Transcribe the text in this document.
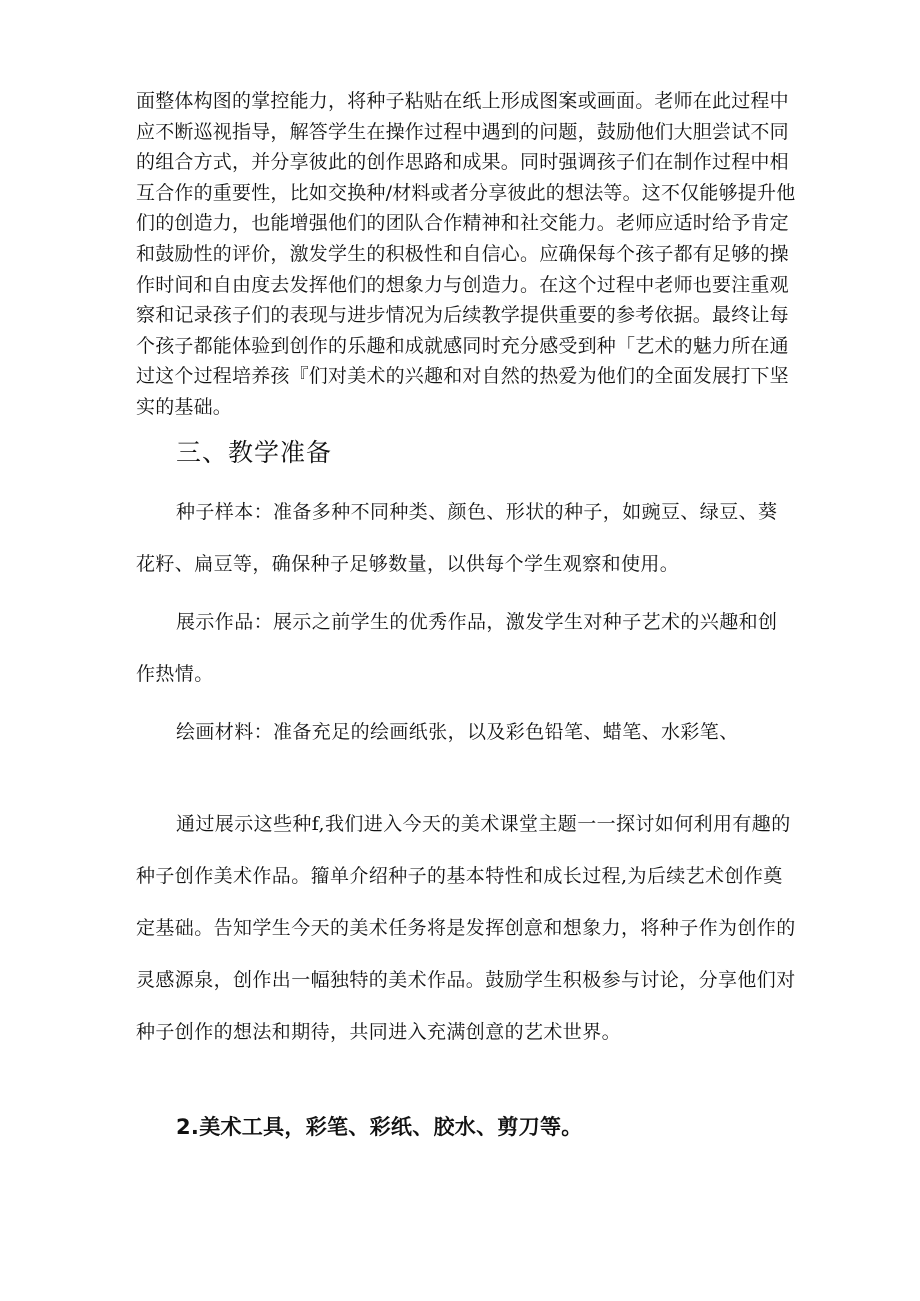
面整体构图的掌控能力，将种子粘贴在纸上形成图案或画面。老师在此过程中应不断巡视指导，解答学生在操作过程中遇到的问题，鼓励他们大胆尝试不同的组合方式，并分享彼此的创作思路和成果。同时强调孩子们在制作过程中相互合作的重要性，比如交换种/材料或者分享彼此的想法等。这不仅能够提升他们的创造力，也能增强他们的团队合作精神和社交能力。老师应适时给予肯定和鼓励性的评价，激发学生的积极性和自信心。应确保每个孩子都有足够的操作时间和自由度去发挥他们的想象力与创造力。在这个过程中老师也要注重观察和记录孩子们的表现与进步情况为后续教学提供重要的参考依据。最终让每个孩子都能体验到创作的乐趣和成就感同时充分感受到种「艺术的魅力所在通过这个过程培养孩『们对美术的兴趣和对自然的热爱为他们的全面发展打下坚实的基础。

三、教学准备

种子样本：准备多种不同种类、颜色、形状的种子，如豌豆、绿豆、葵花籽、扁豆等，确保种子足够数量，以供每个学生观察和使用。

展示作品：展示之前学生的优秀作品，激发学生对种子艺术的兴趣和创作热情。

绘画材料：准备充足的绘画纸张，以及彩色铅笔、蜡笔、水彩笔、

通过展示这些种f,我们进入今天的美术课堂主题一一探讨如何利用有趣的种子创作美术作品。籀单介绍种子的基本特性和成长过程,为后续艺术创作奠定基础。告知学生今天的美术任务将是发挥创意和想象力，将种子作为创作的灵感源泉，创作出一幅独特的美术作品。鼓励学生积极参与讨论，分享他们对种子创作的想法和期待，共同进入充满创意的艺术世界。

2.美术工具，彩笔、彩纸、胶水、剪刀等。
